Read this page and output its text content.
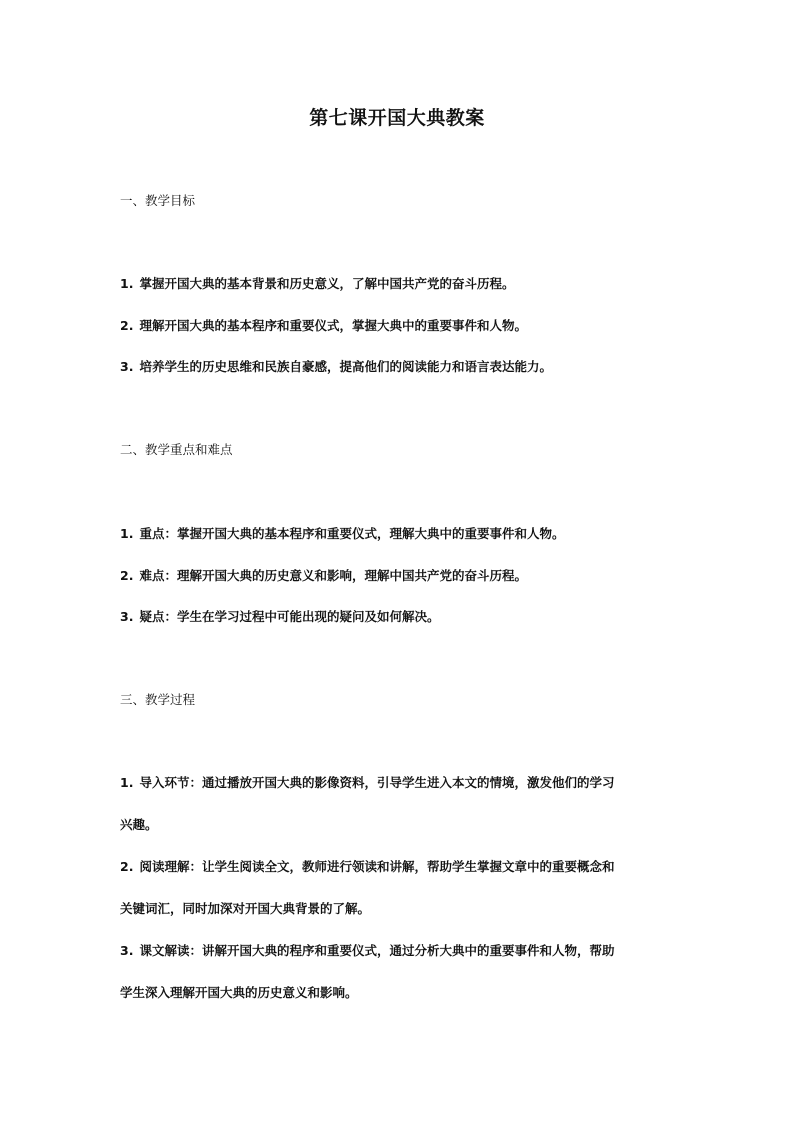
第七课开国大典教案
一、教学目标
1. 掌握开国大典的基本背景和历史意义，了解中国共产党的奋斗历程。
2. 理解开国大典的基本程序和重要仪式，掌握大典中的重要事件和人物。
3. 培养学生的历史思维和民族自豪感，提高他们的阅读能力和语言表达能力。
二、教学重点和难点
1. 重点：掌握开国大典的基本程序和重要仪式，理解大典中的重要事件和人物。
2. 难点：理解开国大典的历史意义和影响，理解中国共产党的奋斗历程。
3. 疑点：学生在学习过程中可能出现的疑问及如何解决。
三、教学过程
1. 导入环节：通过播放开国大典的影像资料，引导学生进入本文的情境，激发他们的学习
兴趣。
2. 阅读理解：让学生阅读全文，教师进行领读和讲解，帮助学生掌握文章中的重要概念和
关键词汇，同时加深对开国大典背景的了解。
3. 课文解读：讲解开国大典的程序和重要仪式，通过分析大典中的重要事件和人物，帮助
学生深入理解开国大典的历史意义和影响。
